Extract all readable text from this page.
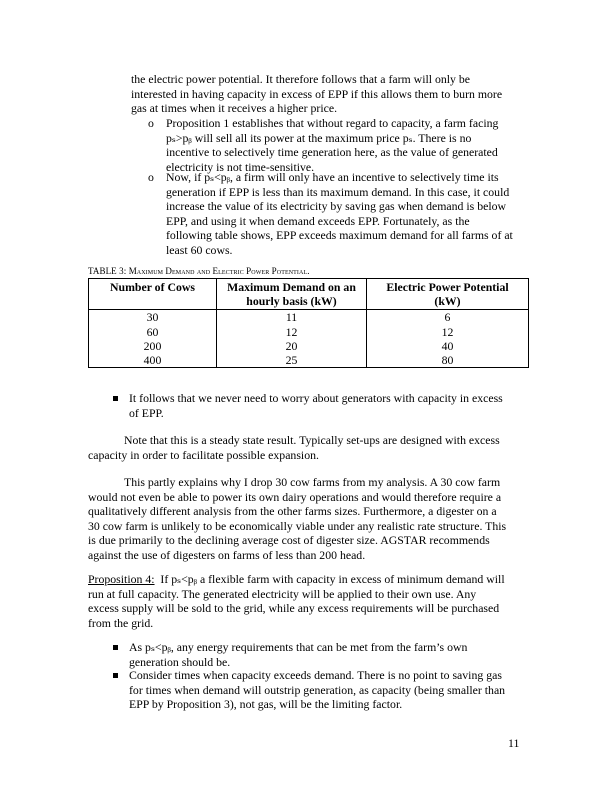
the electric power potential. It therefore follows that a farm will only be
interested in having capacity in excess of EPP if this allows them to burn more
gas at times when it receives a higher price.
o	Proposition 1 establishes that without regard to capacity, a farm facing
pₛ>pᵦ will sell all its power at the maximum price pₛ. There is no
incentive to selectively time generation here, as the value of generated
electricity is not time-sensitive.
o	Now, if pₛ<pᵦ, a firm will only have an incentive to selectively time its
generation if EPP is less than its maximum demand. In this case, it could
increase the value of its electricity by saving gas when demand is below
EPP, and using it when demand exceeds EPP. Fortunately, as the
following table shows, EPP exceeds maximum demand for all farms of at
least 60 cows.
TABLE 3: Maximum Demand and Electric Power Potential.
Number of Cows	Maximum Demand on an hourly basis (kW)	Electric Power Potential (kW)
30	11	6
60	12	12
200	20	40
400	25	80
It follows that we never need to worry about generators with capacity in excess
of EPP.
Note that this is a steady state result. Typically set-ups are designed with excess
capacity in order to facilitate possible expansion.
This partly explains why I drop 30 cow farms from my analysis. A 30 cow farm
would not even be able to power its own dairy operations and would therefore require a
qualitatively different analysis from the other farms sizes. Furthermore, a digester on a
30 cow farm is unlikely to be economically viable under any realistic rate structure. This
is due primarily to the declining average cost of digester size. AGSTAR recommends
against the use of digesters on farms of less than 200 head.
Proposition 4:  If pₛ<pᵦ a flexible farm with capacity in excess of minimum demand will
run at full capacity. The generated electricity will be applied to their own use. Any
excess supply will be sold to the grid, while any excess requirements will be purchased
from the grid.
As pₛ<pᵦ, any energy requirements that can be met from the farm’s own
generation should be.
Consider times when capacity exceeds demand. There is no point to saving gas
for times when demand will outstrip generation, as capacity (being smaller than
EPP by Proposition 3), not gas, will be the limiting factor.
11
